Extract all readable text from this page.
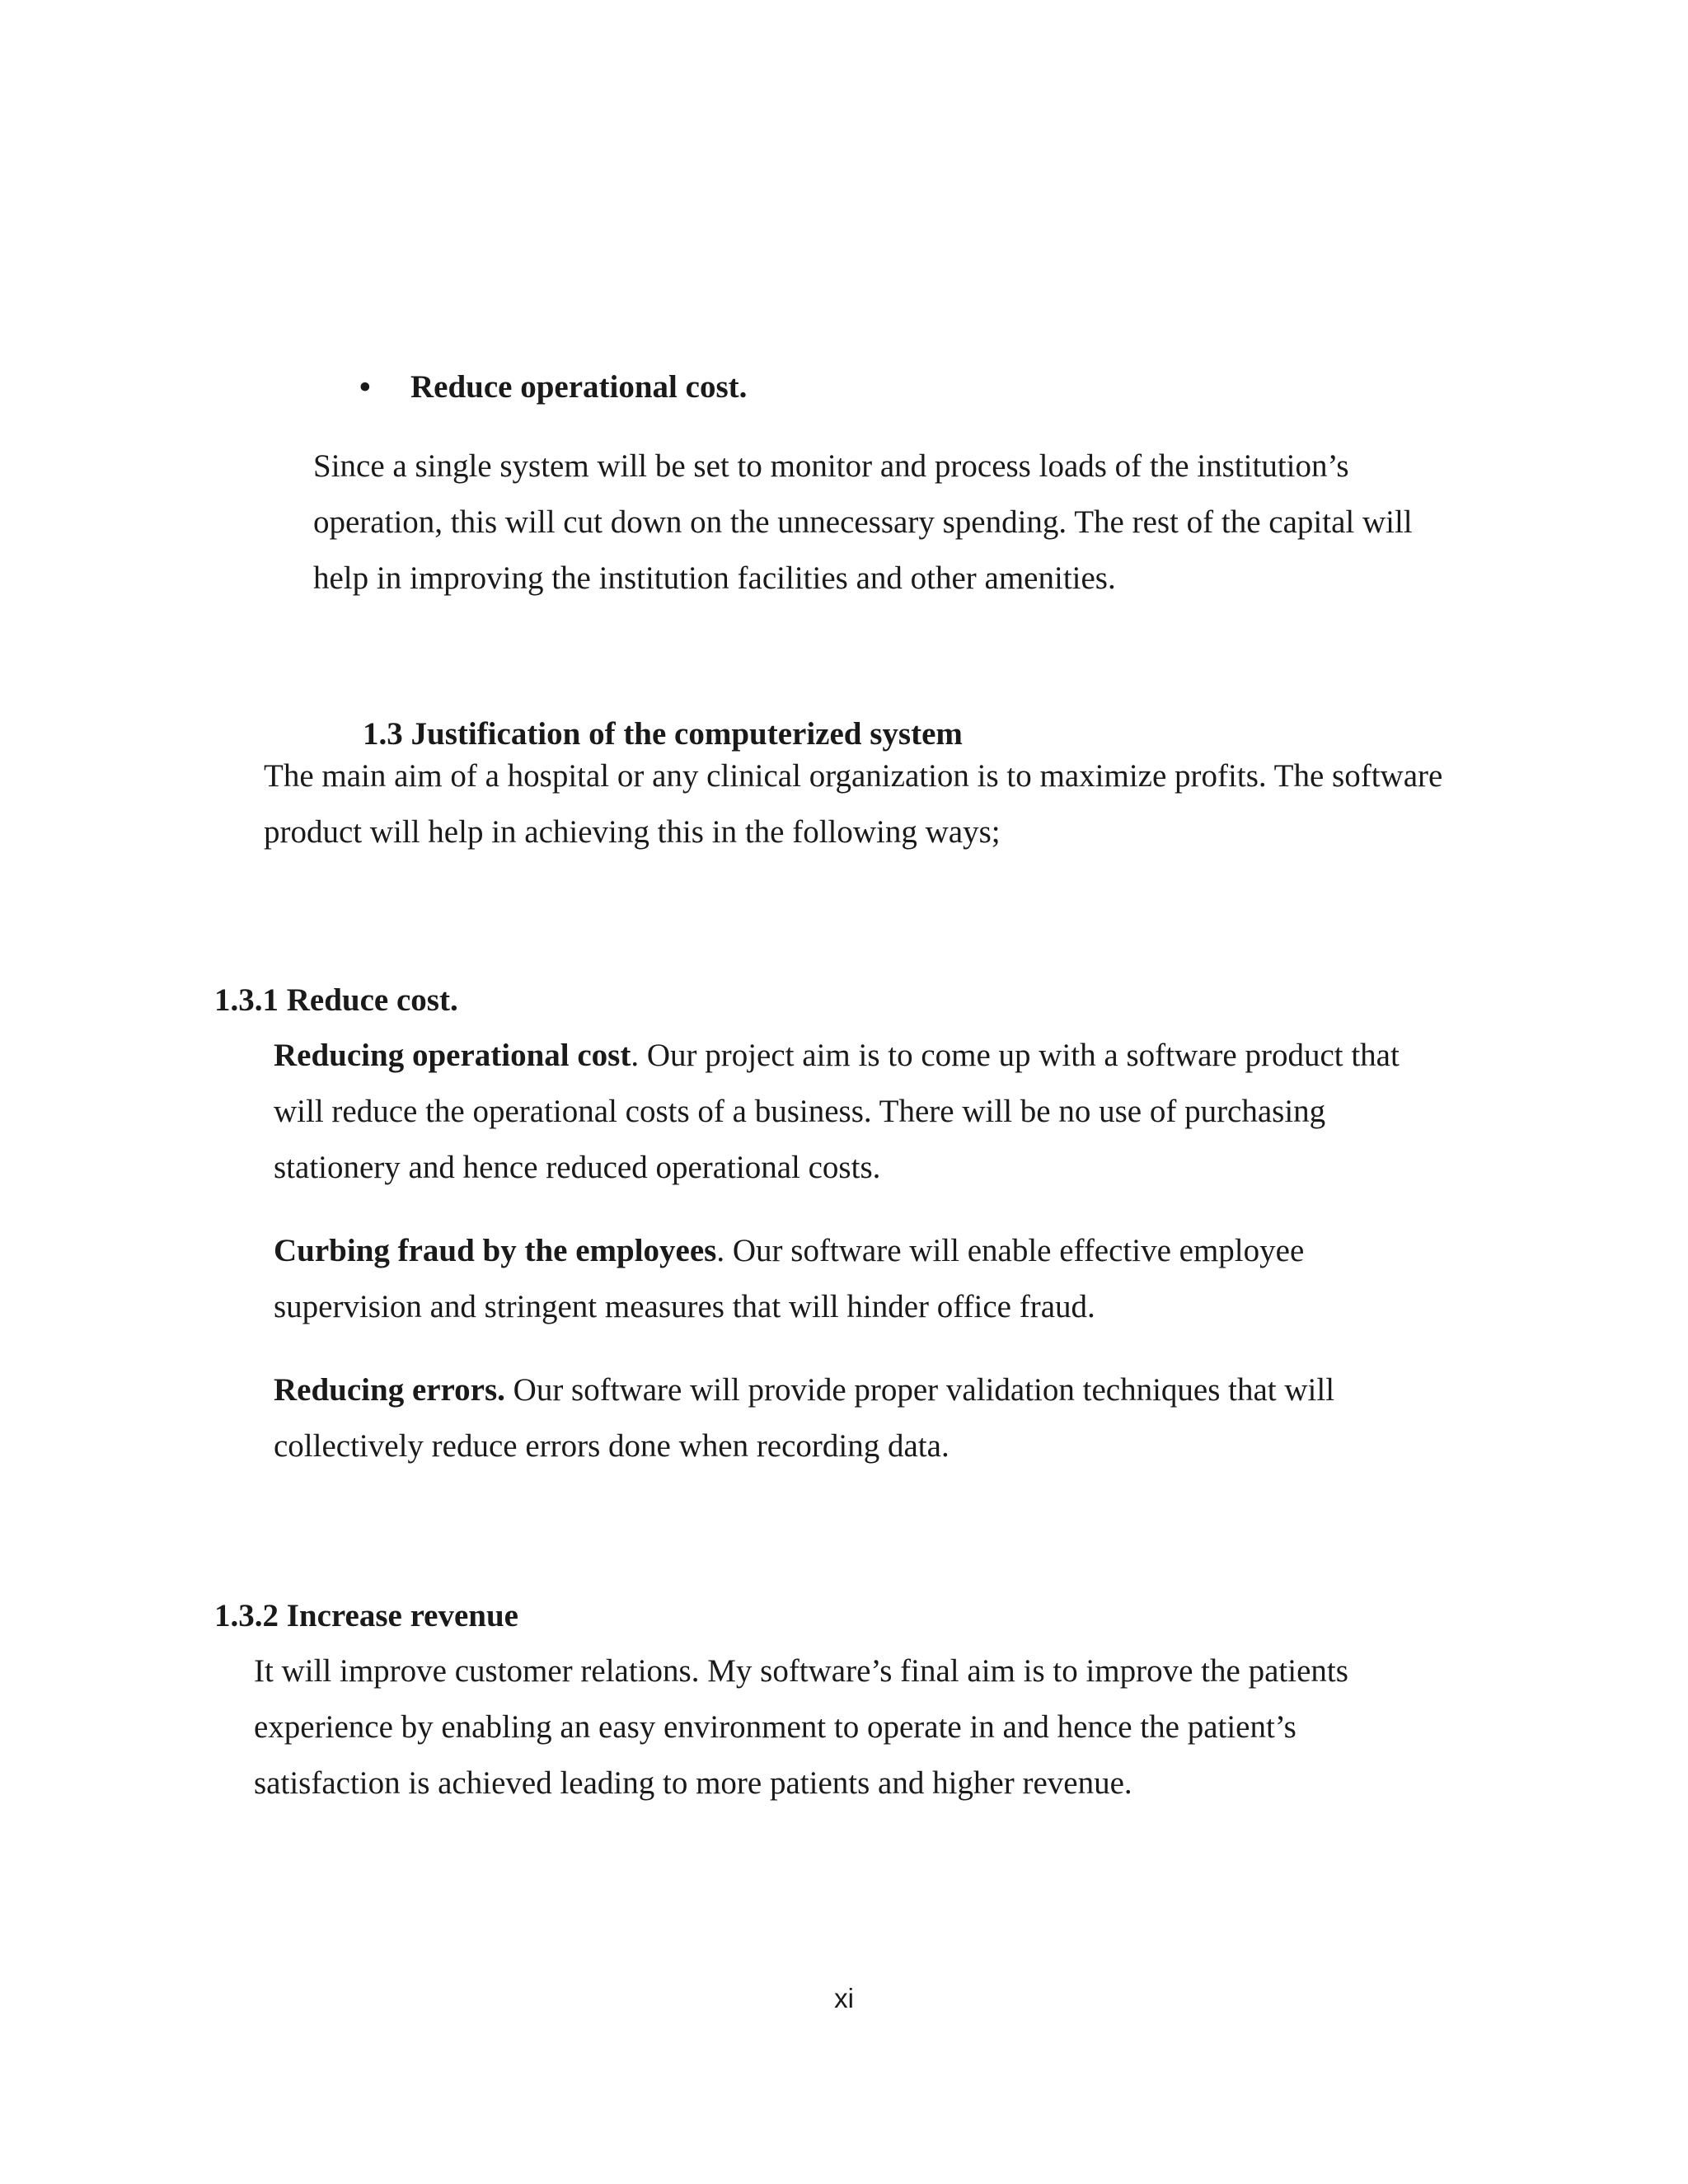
• Reduce operational cost.

Since a single system will be set to monitor and process loads of the institution’s

operation, this will cut down on the unnecessary spending. The rest of the capital will

help in improving the institution facilities and other amenities.

1.3 Justification of the computerized system

The main aim of a hospital or any clinical organization is to maximize profits. The software

product will help in achieving this in the following ways;

1.3.1 Reduce cost.

Reducing operational cost. Our project aim is to come up with a software product that

will reduce the operational costs of a business. There will be no use of purchasing

stationery and hence reduced operational costs.

Curbing fraud by the employees. Our software will enable effective employee

supervision and stringent measures that will hinder office fraud.

Reducing errors. Our software will provide proper validation techniques that will

collectively reduce errors done when recording data.

1.3.2 Increase revenue

It will improve customer relations. My software’s final aim is to improve the patients

experience by enabling an easy environment to operate in and hence the patient’s

satisfaction is achieved leading to more patients and higher revenue.

xi
